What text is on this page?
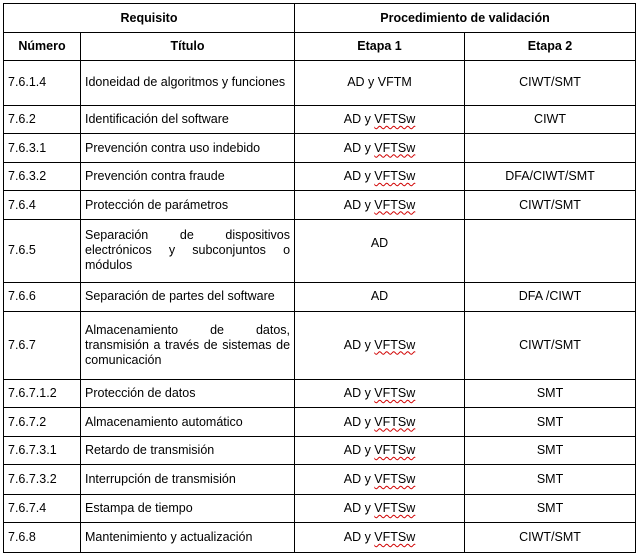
Requisito		Procedimiento de validación	
Número	Título	Etapa 1	Etapa 2
7.6.1.4	Idoneidad de algoritmos y funciones	AD y VFTM	CIWT/SMT
7.6.2	Identificación del software	AD y VFTSw	CIWT
7.6.3.1	Prevención contra uso indebido	AD y VFTSw	
7.6.3.2	Prevención contra fraude	AD y VFTSw	DFA/CIWT/SMT
7.6.4	Protección de parámetros	AD y VFTSw	CIWT/SMT
7.6.5	Separación de dispositivos electrónicos y subconjuntos o módulos	AD	
7.6.6	Separación de partes del software	AD	DFA /CIWT
7.6.7	Almacenamiento de datos, transmisión a través de sistemas de comunicación	AD y VFTSw	CIWT/SMT
7.6.7.1.2	Protección de datos	AD y VFTSw	SMT
7.6.7.2	Almacenamiento automático	AD y VFTSw	SMT
7.6.7.3.1	Retardo de transmisión	AD y VFTSw	SMT
7.6.7.3.2	Interrupción de transmisión	AD y VFTSw	SMT
7.6.7.4	Estampa de tiempo	AD y VFTSw	SMT
7.6.8	Mantenimiento y actualización	AD y VFTSw	CIWT/SMT
